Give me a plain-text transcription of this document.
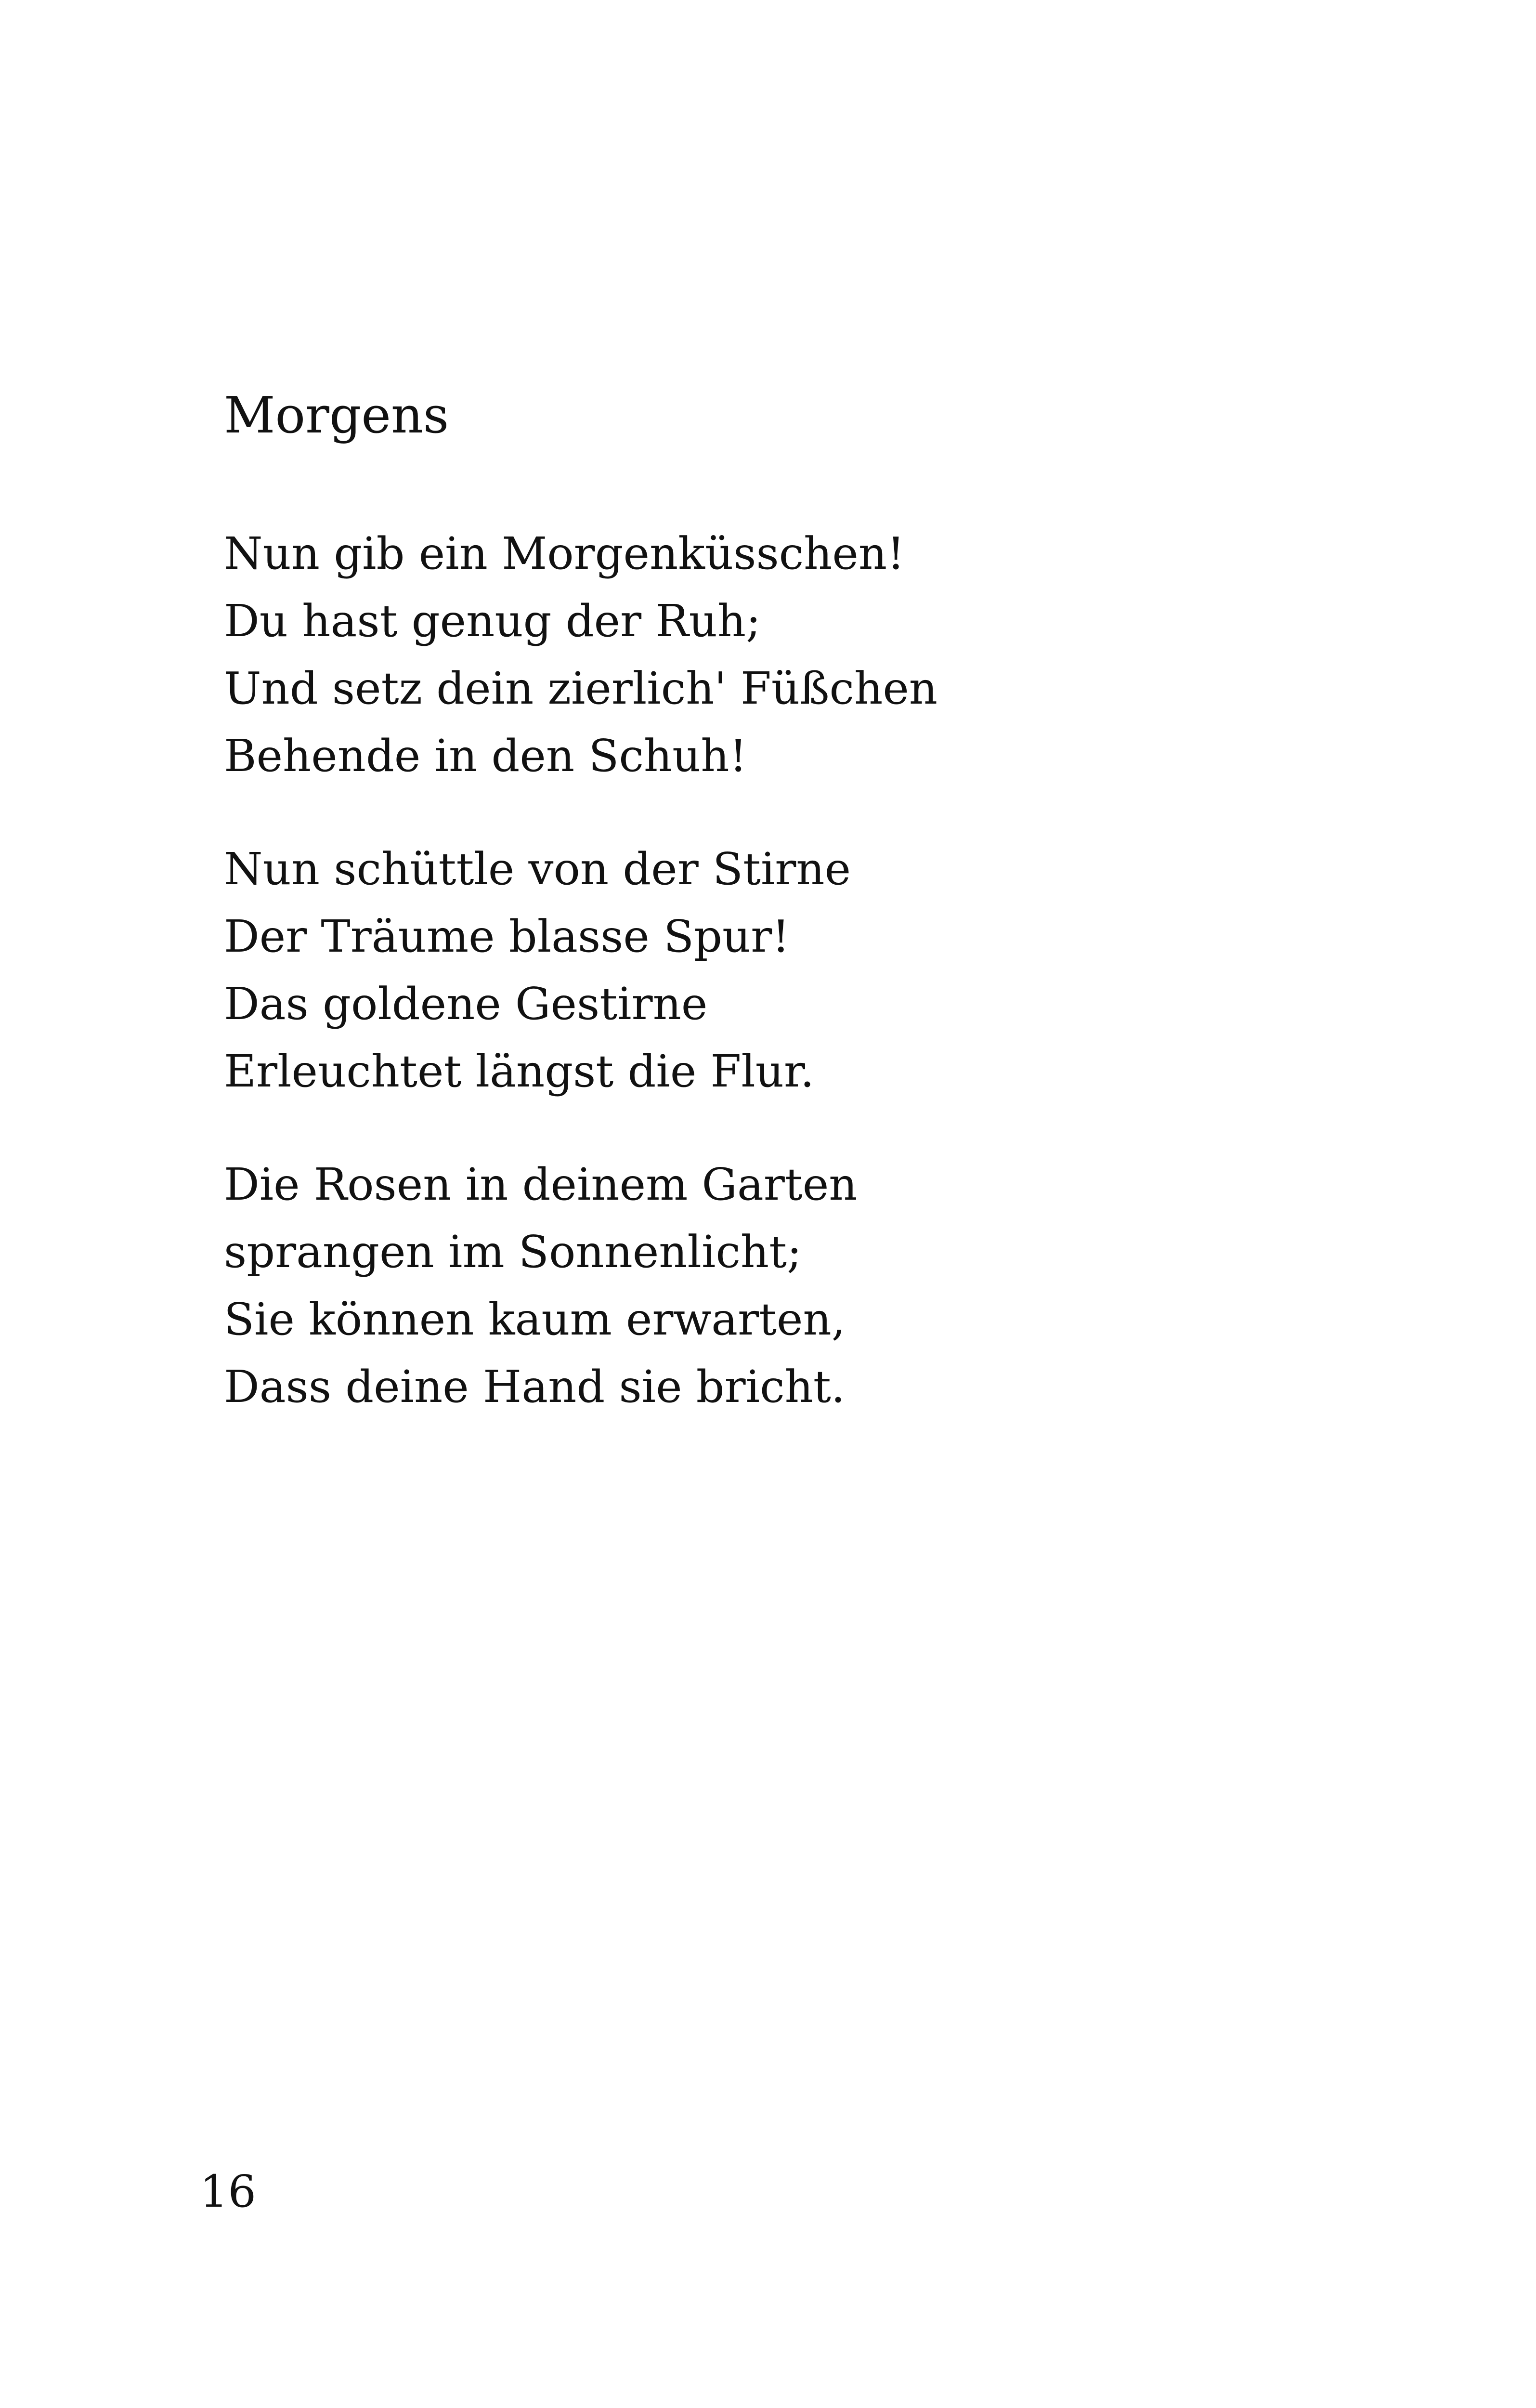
Morgens
Nun gib ein Morgenküsschen!
Du hast genug der Ruh;
Und setz dein zierlich' Füßchen
Behende in den Schuh!
Nun schüttle von der Stirne
Der Träume blasse Spur!
Das goldene Gestirne
Erleuchtet längst die Flur.
Die Rosen in deinem Garten
sprangen im Sonnenlicht;
Sie können kaum erwarten,
Dass deine Hand sie bricht.
16
